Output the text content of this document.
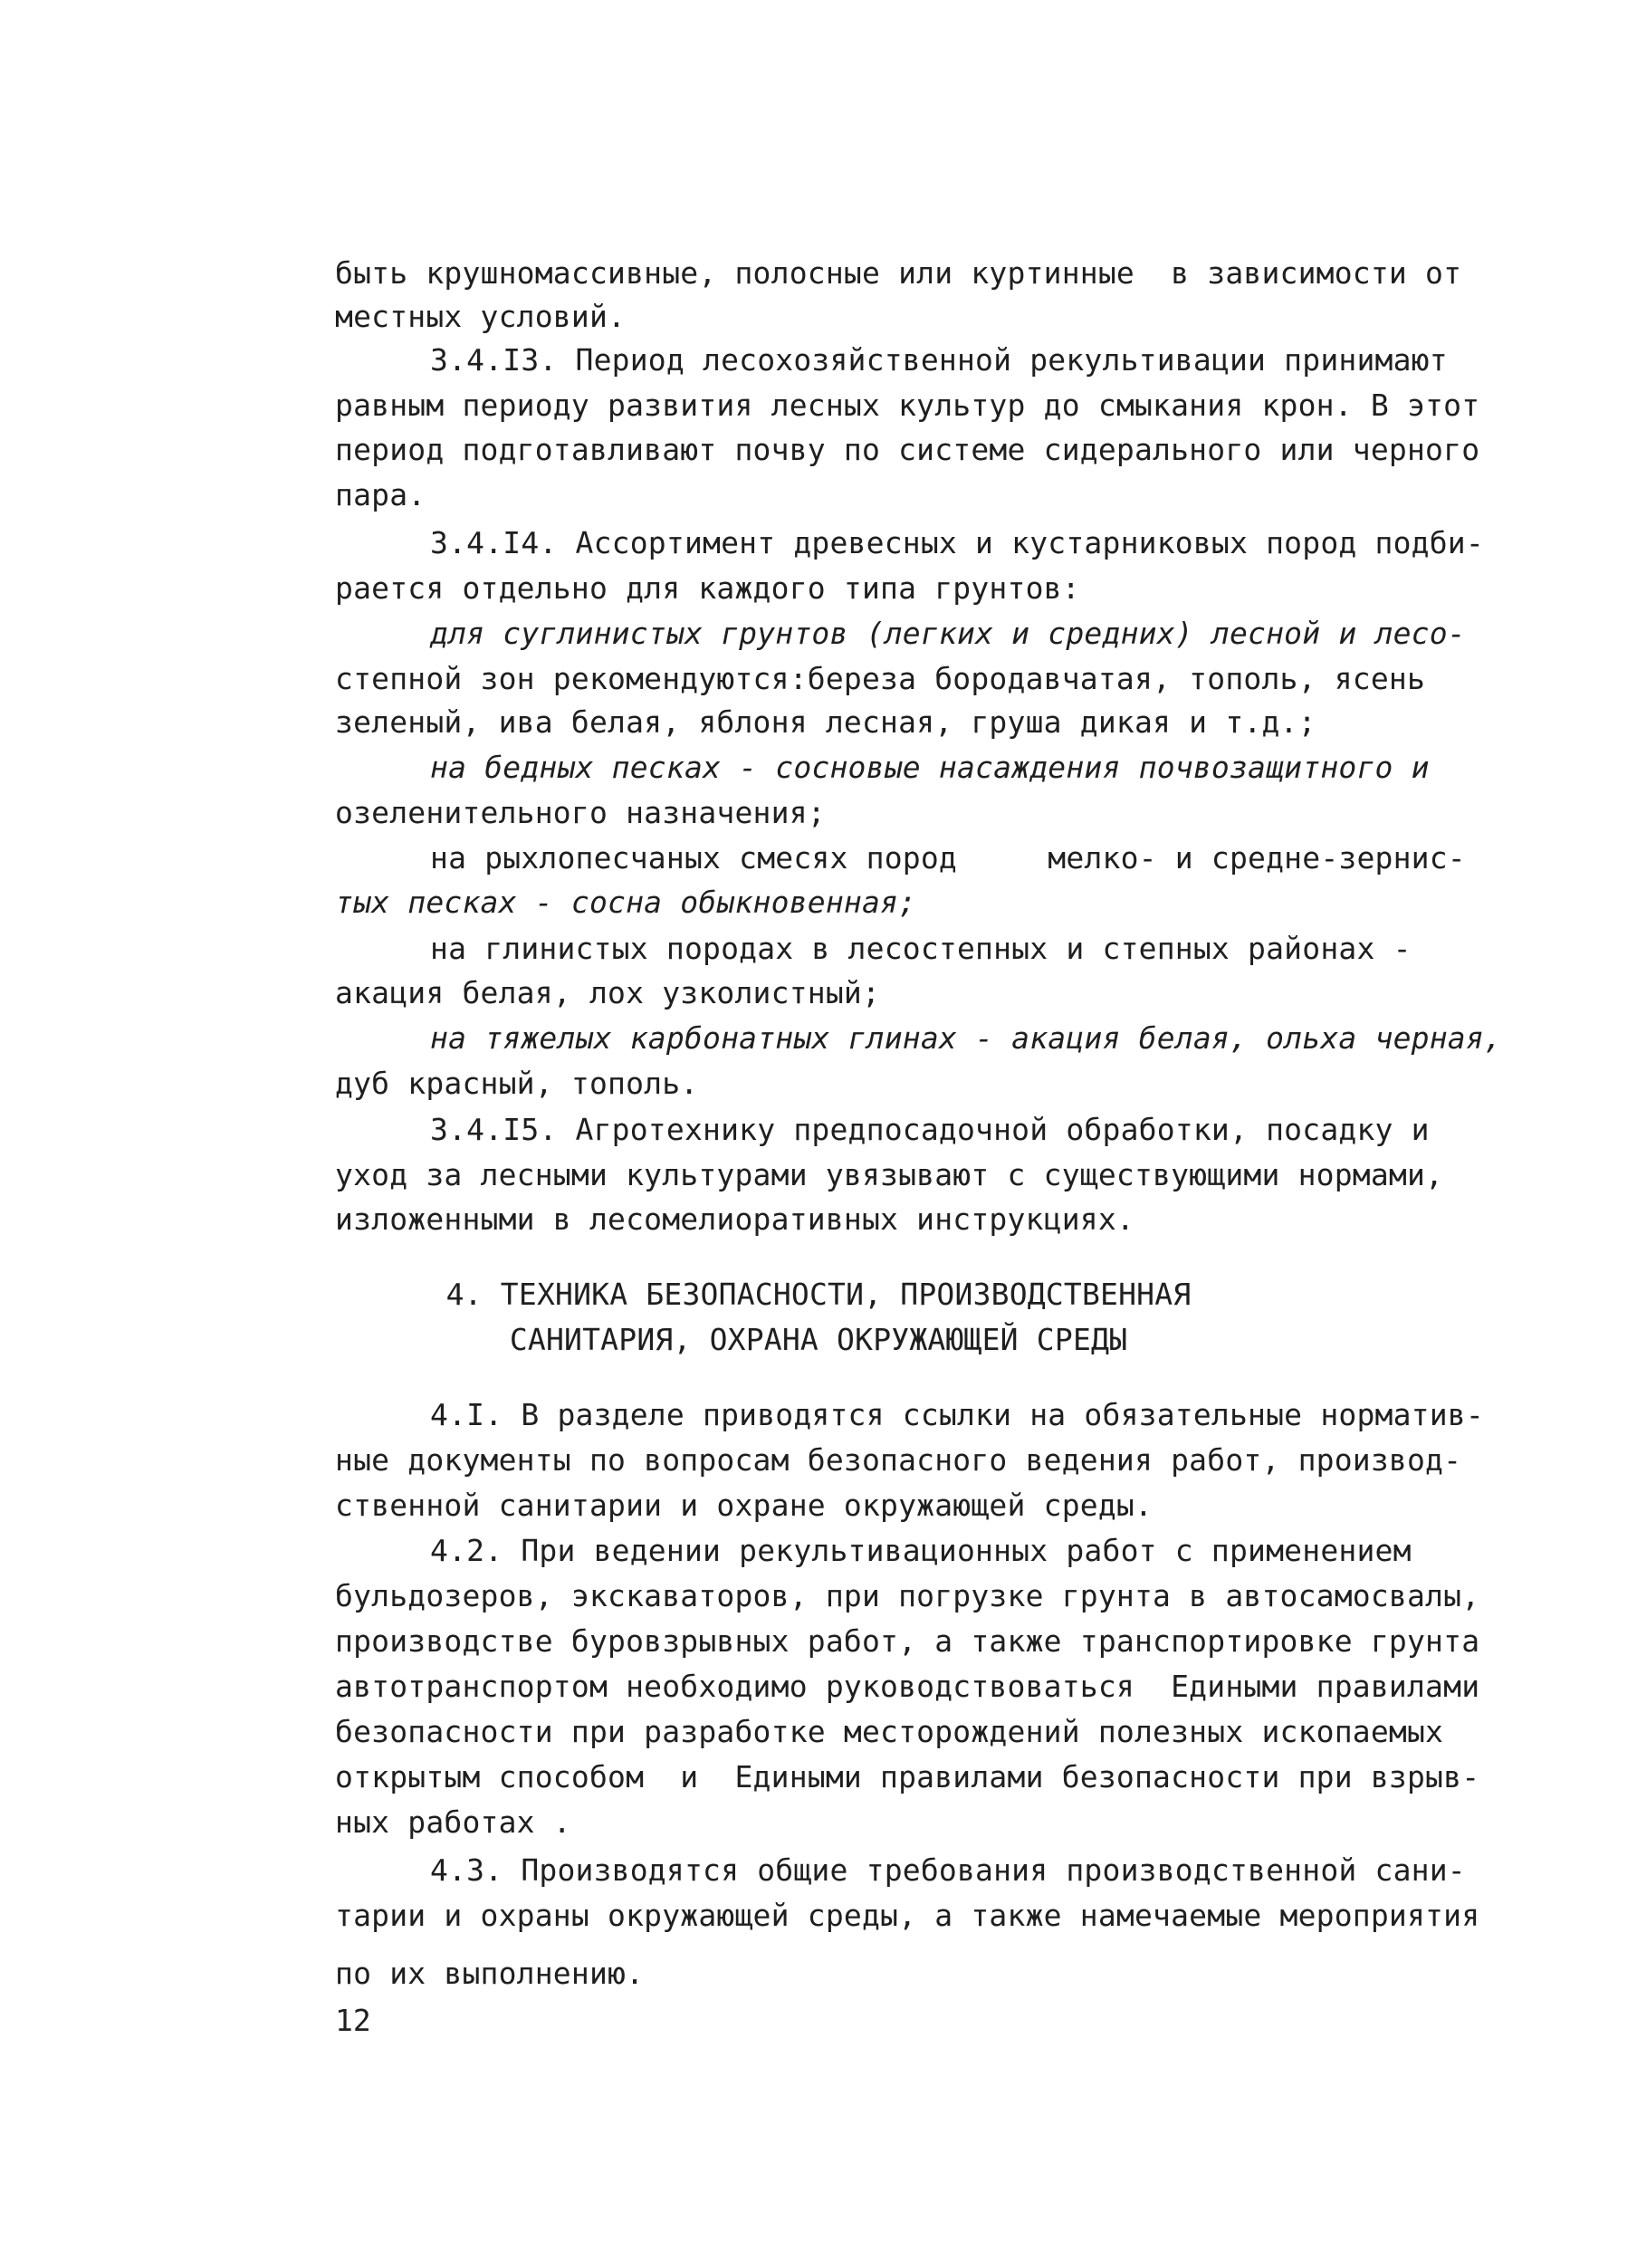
быть крушномассивные, полосные или куртинные  в зависимости от
местных условий.
3.4.I3. Период лесохозяйственной рекультивации принимают
равным периоду развития лесных культур до смыкания крон. В этот
период подготавливают почву по системе сидерального или черного
пара.
3.4.I4. Ассортимент древесных и кустарниковых пород подби-
рается отдельно для каждого типа грунтов:
для суглинистых грунтов (легких и средних) лесной и лесо-
степной зон рекомендуются:береза бородавчатая, тополь, ясень
зеленый, ива белая, яблоня лесная, груша дикая и т.д.;
на бедных песках - сосновые насаждения почвозащитного и
озеленительного назначения;
на рыхлопесчаных смесях пород     мелко- и средне-зернис-
тых песках - сосна обыкновенная;
на глинистых породах в лесостепных и степных районах -
акация белая, лох узколистный;
на тяжелых карбонатных глинах - акация белая, ольха черная,
дуб красный, тополь.
3.4.I5. Агротехнику предпосадочной обработки, посадку и
уход за лесными культурами увязывают с существующими нормами,
изложенными в лесомелиоративных инструкциях.
4. ТЕХНИКА БЕЗОПАСНОСТИ, ПРОИЗВОДСТВЕННАЯ
САНИТАРИЯ, ОХРАНА ОКРУЖАЮЩЕЙ СРЕДЫ
4.I. В разделе приводятся ссылки на обязательные норматив-
ные документы по вопросам безопасного ведения работ, производ-
ственной санитарии и охране окружающей среды.
4.2. При ведении рекультивационных работ с применением
бульдозеров, экскаваторов, при погрузке грунта в автосамосвалы,
производстве буровзрывных работ, а также транспортировке грунта
автотранспортом необходимо руководствоваться  Едиными правилами
безопасности при разработке месторождений полезных ископаемых
открытым способом  и  Едиными правилами безопасности при взрыв-
ных работах .
4.3. Производятся общие требования производственной сани-
тарии и охраны окружающей среды, а также намечаемые мероприятия
по их выполнению.
12
